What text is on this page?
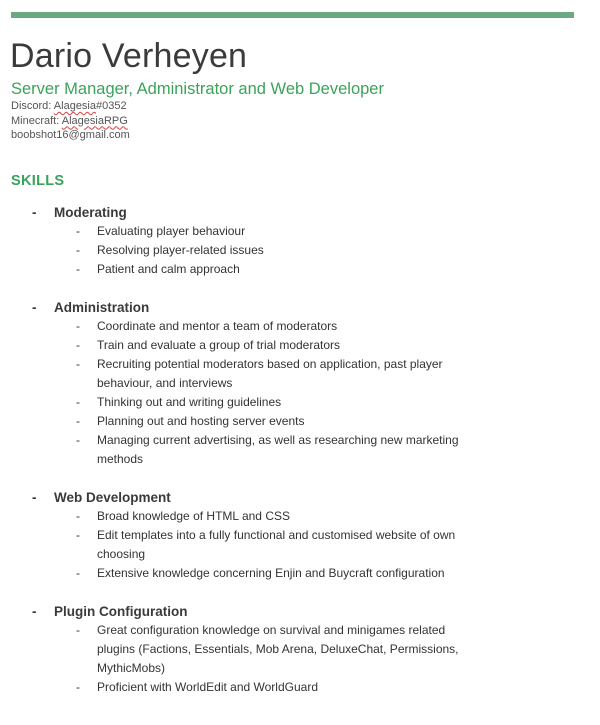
Dario Verheyen
Server Manager, Administrator and Web Developer
Discord: Alagesia#0352
Minecraft: AlagesiaRPG
boobshot16@gmail.com
SKILLS
- Moderating
- Evaluating player behaviour
- Resolving player-related issues
- Patient and calm approach
- Administration
- Coordinate and mentor a team of moderators
- Train and evaluate a group of trial moderators
- Recruiting potential moderators based on application, past player behaviour, and interviews
- Thinking out and writing guidelines
- Planning out and hosting server events
- Managing current advertising, as well as researching new marketing methods
- Web Development
- Broad knowledge of HTML and CSS
- Edit templates into a fully functional and customised website of own choosing
- Extensive knowledge concerning Enjin and Buycraft configuration
- Plugin Configuration
- Great configuration knowledge on survival and minigames related plugins (Factions, Essentials, Mob Arena, DeluxeChat, Permissions, MythicMobs)
- Proficient with WorldEdit and WorldGuard
